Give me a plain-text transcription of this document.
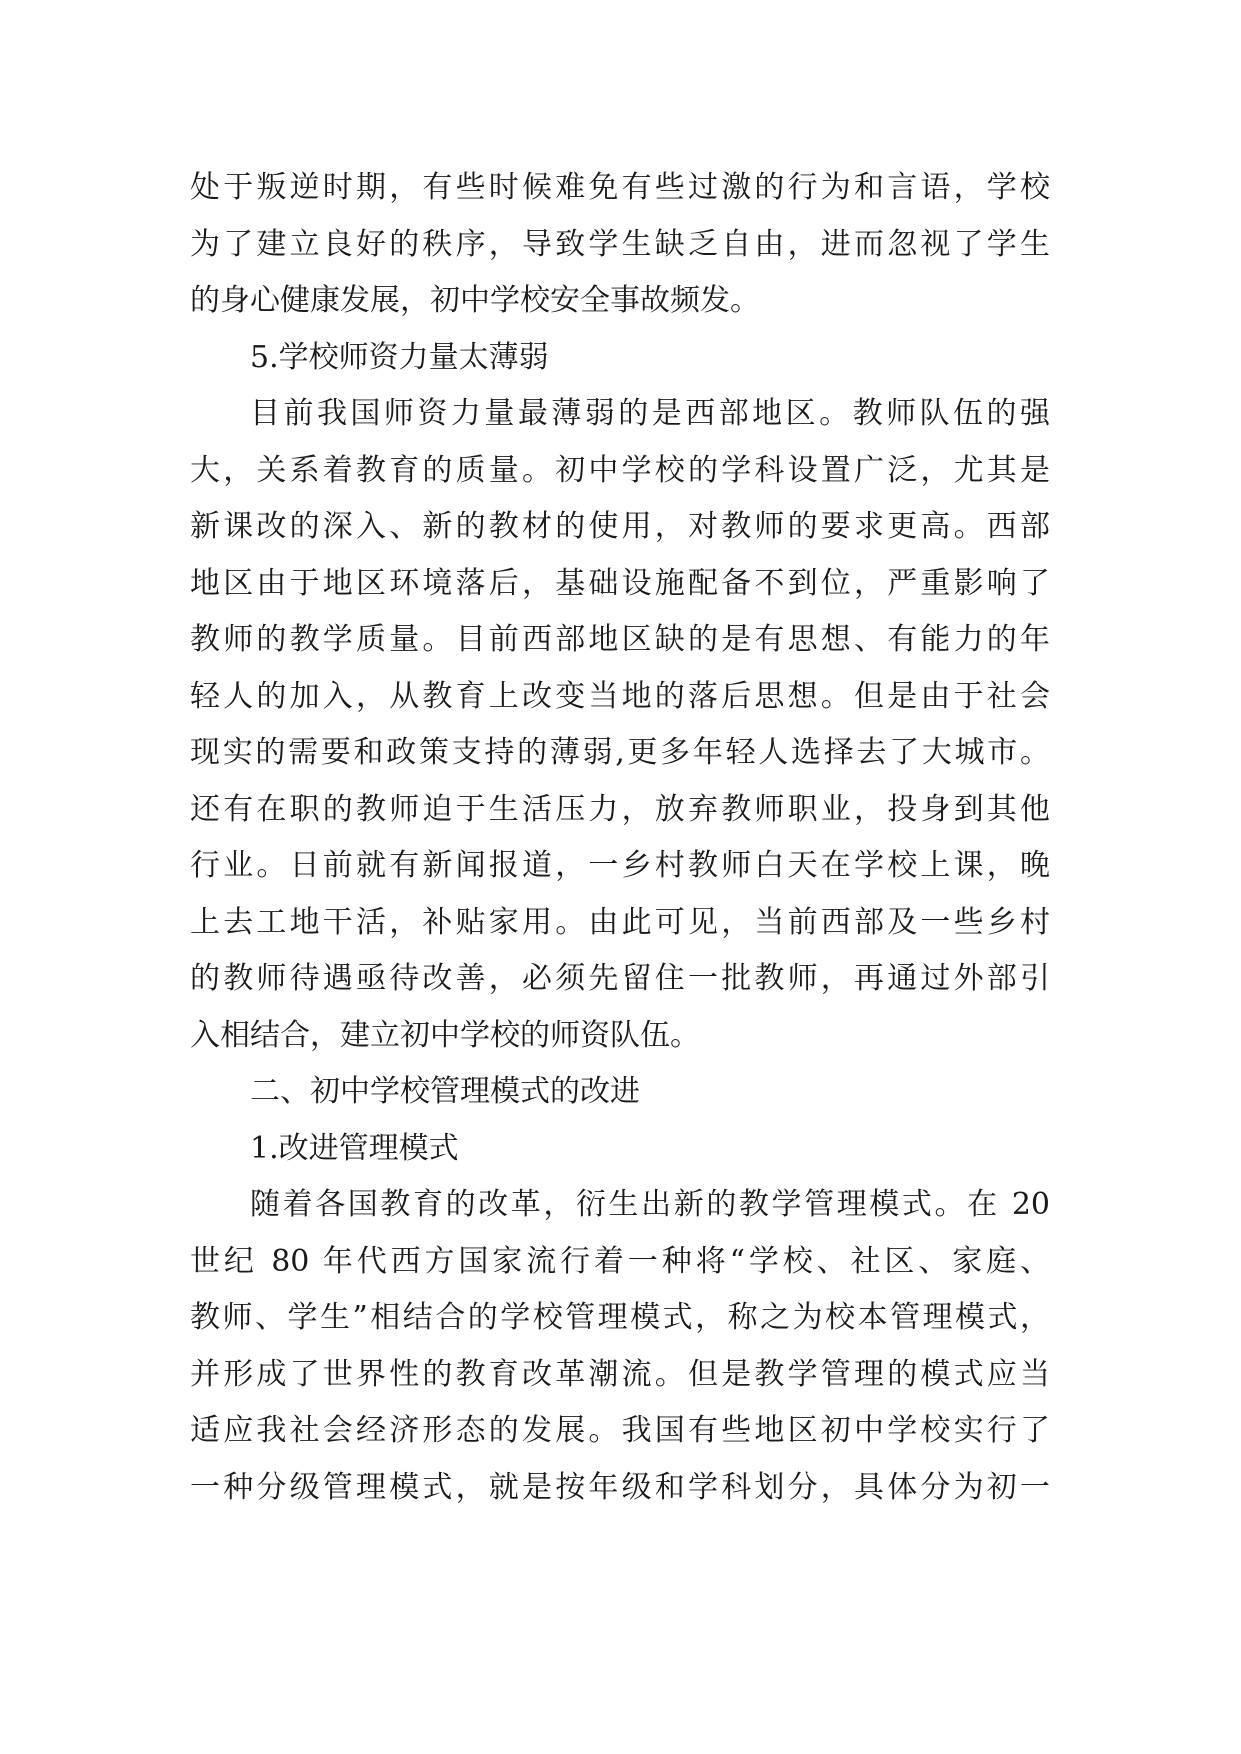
处于叛逆时期，有些时候难免有些过激的行为和言语，学校
为了建立良好的秩序，导致学生缺乏自由，进而忽视了学生
的身心健康发展，初中学校安全事故频发。
5.学校师资力量太薄弱
目前我国师资力量最薄弱的是西部地区。教师队伍的强
大，关系着教育的质量。初中学校的学科设置广泛，尤其是
新课改的深入、新的教材的使用，对教师的要求更高。西部
地区由于地区环境落后，基础设施配备不到位，严重影响了
教师的教学质量。目前西部地区缺的是有思想、有能力的年
轻人的加入，从教育上改变当地的落后思想。但是由于社会
现实的需要和政策支持的薄弱,更多年轻人选择去了大城市。
还有在职的教师迫于生活压力，放弃教师职业，投身到其他
行业。日前就有新闻报道，一乡村教师白天在学校上课，晚
上去工地干活，补贴家用。由此可见，当前西部及一些乡村
的教师待遇亟待改善，必须先留住一批教师，再通过外部引
入相结合，建立初中学校的师资队伍。
二、初中学校管理模式的改进
1.改进管理模式
随着各国教育的改革，衍生出新的教学管理模式。在 20
世纪 80 年代西方国家流行着一种将“学校、社区、家庭、
教师、学生”相结合的学校管理模式，称之为校本管理模式，
并形成了世界性的教育改革潮流。但是教学管理的模式应当
适应我社会经济形态的发展。我国有些地区初中学校实行了
一种分级管理模式，就是按年级和学科划分，具体分为初一
